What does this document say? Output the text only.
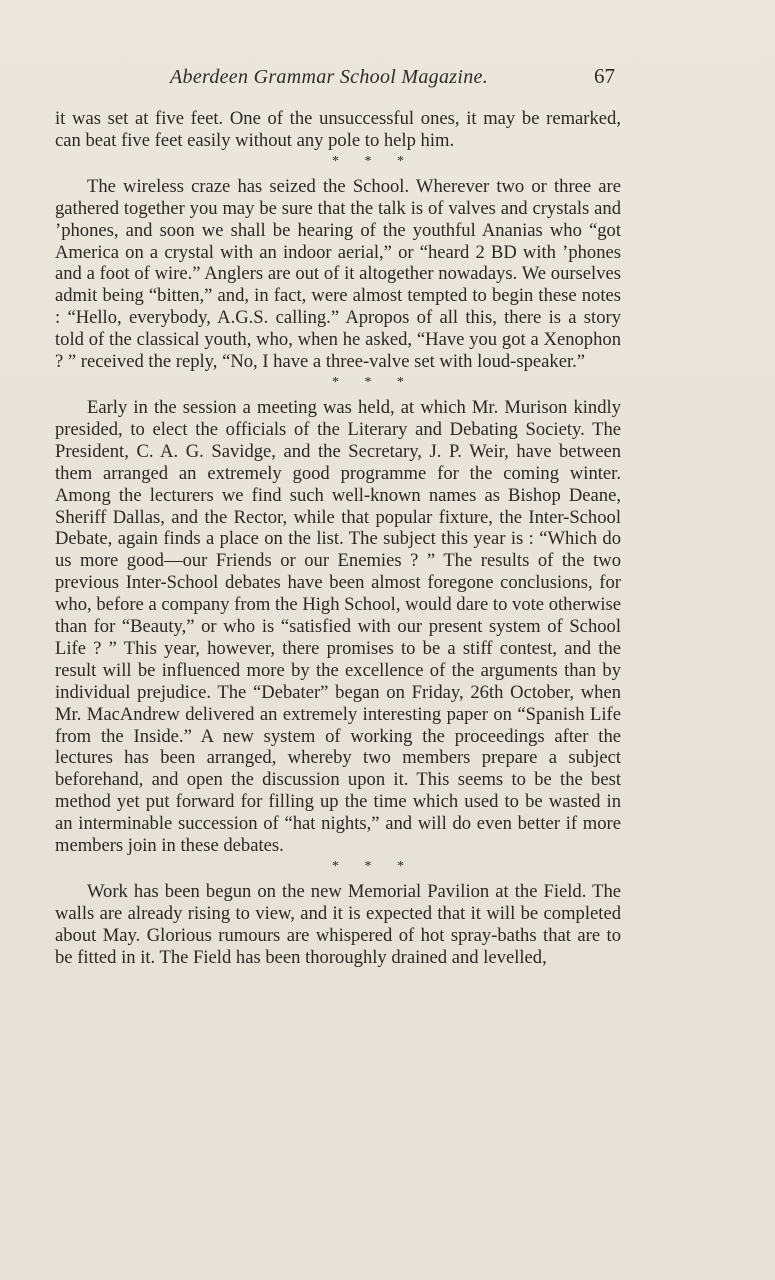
Aberdeen Grammar School Magazine.	67

it was set at five feet. One of the unsuccessful ones, it may be remarked, can beat five feet easily without any pole to help him.

* * *

The wireless craze has seized the School. Wherever two or three are gathered together you may be sure that the talk is of valves and crystals and ’phones, and soon we shall be hearing of the youthful Ananias who “got America on a crystal with an indoor aerial,” or “heard 2 BD with ’phones and a foot of wire.” Anglers are out of it altogether nowadays. We ourselves admit being “bitten,” and, in fact, were almost tempted to begin these notes : “Hello, everybody, A.G.S. calling.” Apropos of all this, there is a story told of the classical youth, who, when he asked, “Have you got a Xenophon ? ” received the reply, “No, I have a three-valve set with loud-speaker.”

* * *

Early in the session a meeting was held, at which Mr. Murison kindly presided, to elect the officials of the Literary and Debating Society. The President, C. A. G. Savidge, and the Secretary, J. P. Weir, have between them arranged an extremely good programme for the coming winter. Among the lecturers we find such well-known names as Bishop Deane, Sheriff Dallas, and the Rector, while that popular fixture, the Inter-School Debate, again finds a place on the list. The subject this year is : “Which do us more good—our Friends or our Enemies ? ” The results of the two previous Inter-School debates have been almost foregone conclusions, for who, before a company from the High School, would dare to vote otherwise than for “Beauty,” or who is “satisfied with our present system of School Life ? ” This year, however, there promises to be a stiff contest, and the result will be influenced more by the excellence of the arguments than by individual prejudice. The “Debater” began on Friday, 26th October, when Mr. MacAndrew delivered an extremely interesting paper on “Spanish Life from the Inside.” A new system of working the proceedings after the lectures has been arranged, whereby two members prepare a subject beforehand, and open the discussion upon it. This seems to be the best method yet put forward for filling up the time which used to be wasted in an interminable succession of “hat nights,” and will do even better if more members join in these debates.

* * *

Work has been begun on the new Memorial Pavilion at the Field. The walls are already rising to view, and it is expected that it will be completed about May. Glorious rumours are whispered of hot spray-baths that are to be fitted in it. The Field has been thoroughly drained and levelled,
